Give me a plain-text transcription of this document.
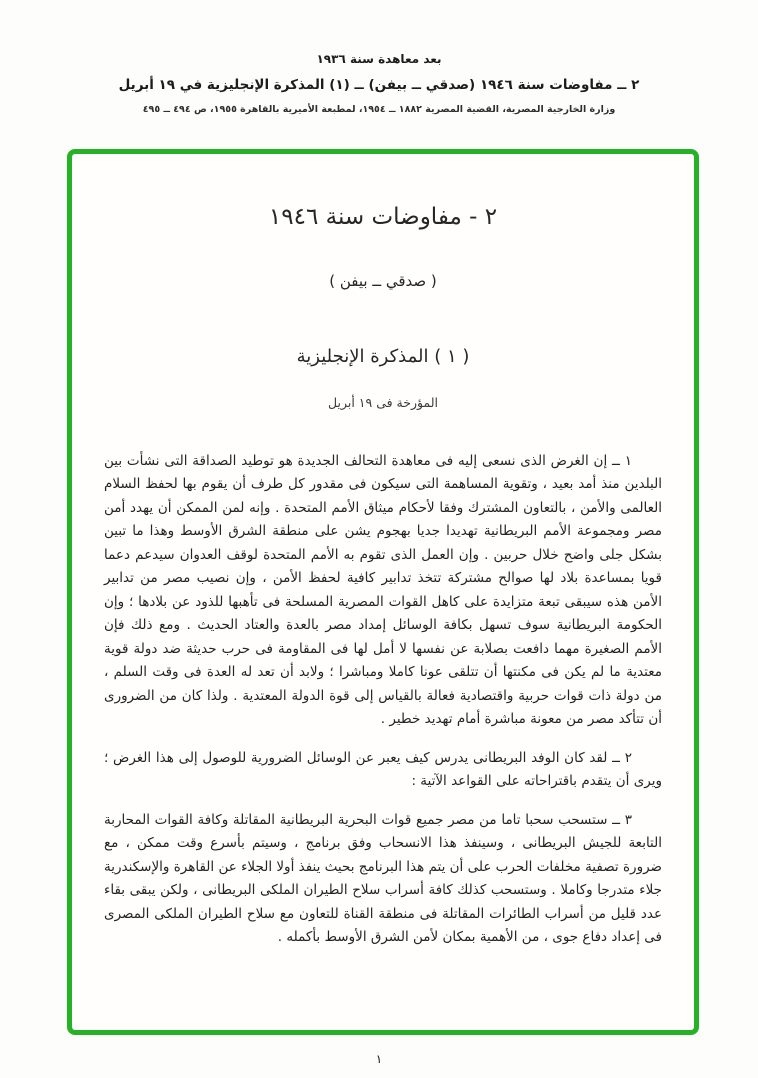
بعد معاهدة سنة ١٩٣٦
٢ ــ مفاوضات سنة ١٩٤٦ (صدقي ــ بيفن) ــ (١) المذكرة الإنجليزية في ١٩ أبريل
وزارة الخارجية المصرية، القضية المصرية ١٨٨٢ ــ ١٩٥٤، لمطبعة الأميرية بالقاهرة ١٩٥٥، ص ٤٩٤ ــ ٤٩٥
٢ - مفاوضات سنة ١٩٤٦
( صدقي ــ بيفن )
( ١ ) المذكرة الإنجليزية
المؤرخة فى ١٩ أبريل

١ ــ إن الغرض الذى نسعى إليه فى معاهدة التحالف الجديدة هو توطيد الصداقة التى نشأت بين البلدين منذ أمد بعيد ، وتقوية المساهمة التى سيكون فى مقدور كل طرف أن يقوم بها لحفظ السلام العالمى والأمن ، بالتعاون المشترك وفقا لأحكام ميثاق الأمم المتحدة . وإنه لمن الممكن أن يهدد أمن مصر ومجموعة الأمم البريطانية تهديدا جديا بهجوم يشن على منطقة الشرق الأوسط وهذا ما تبين بشكل جلى واضح خلال حربين . وإن العمل الذى تقوم به الأمم المتحدة لوقف العدوان سيدعم دعما قويا بمساعدة بلاد لها صوالح مشتركة تتخذ تدابير كافية لحفظ الأمن ، وإن نصيب مصر من تدابير الأمن هذه سيبقى تبعة متزايدة على كاهل القوات المصرية المسلحة فى تأهبها للذود عن بلادها ؛ وإن الحكومة البريطانية سوف تسهل بكافة الوسائل إمداد مصر بالعدة والعتاد الحديث . ومع ذلك فإن الأمم الصغيرة مهما دافعت بصلابة عن نفسها لا أمل لها فى المقاومة فى حرب حديثة ضد دولة قوية معتدية ما لم يكن فى مكنتها أن تتلقى عونا كاملا ومباشرا ؛ ولابد أن تعد له العدة فى وقت السلم ، من دولة ذات قوات حربية واقتصادية فعالة بالقياس إلى قوة الدولة المعتدية . ولذا كان من الضرورى أن تتأكد مصر من معونة مباشرة أمام تهديد خطير .

٢ ــ لقد كان الوفد البريطانى يدرس كيف يعبر عن الوسائل الضرورية للوصول إلى هذا الغرض ؛ ويرى أن يتقدم باقتراحاته على القواعد الآتية :

٣ ــ ستسحب سحبا تاما من مصر جميع قوات البحرية البريطانية المقاتلة وكافة القوات المحاربة التابعة للجيش البريطانى ، وسينفذ هذا الانسحاب وفق برنامج ، وسيتم بأسرع وقت ممكن ، مع ضرورة تصفية مخلفات الحرب على أن يتم هذا البرنامج بحيث ينفذ أولا الجلاء عن القاهرة والإسكندرية جلاء متدرجا وكاملا . وستسحب كذلك كافة أسراب سلاح الطيران الملكى البريطانى ، ولكن يبقى بقاء عدد قليل من أسراب الطائرات المقاتلة فى منطقة القناة للتعاون مع سلاح الطيران الملكى المصرى فى إعداد دفاع جوى ، من الأهمية بمكان لأمن الشرق الأوسط بأكمله .

١
